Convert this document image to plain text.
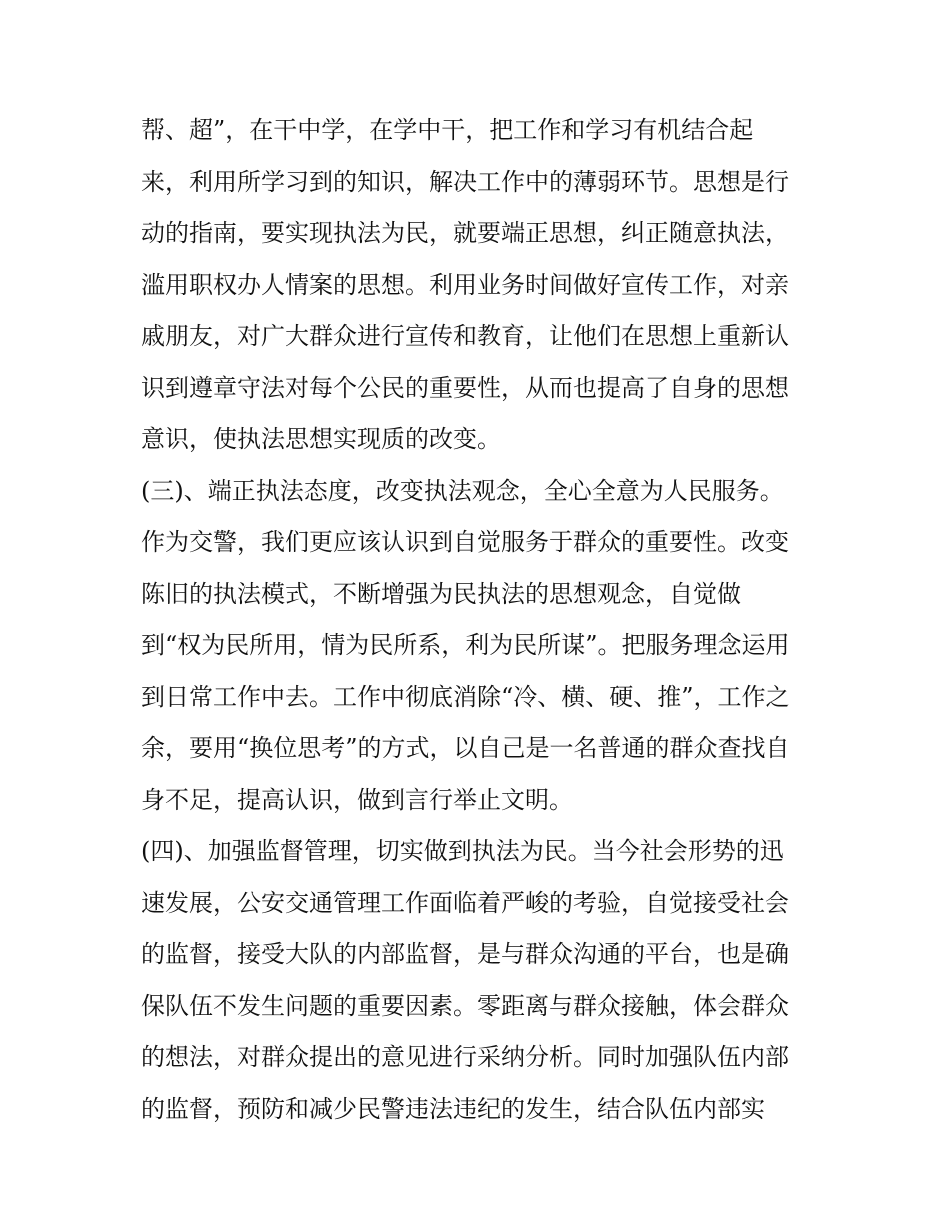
帮、超”，在干中学，在学中干，把工作和学习有机结合起
来，利用所学习到的知识，解决工作中的薄弱环节。思想是行
动的指南，要实现执法为民，就要端正思想，纠正随意执法，
滥用职权办人情案的思想。利用业务时间做好宣传工作，对亲
戚朋友，对广大群众进行宣传和教育，让他们在思想上重新认
识到遵章守法对每个公民的重要性，从而也提高了自身的思想
意识，使执法思想实现质的改变。
(三)、端正执法态度，改变执法观念，全心全意为人民服务。
作为交警，我们更应该认识到自觉服务于群众的重要性。改变
陈旧的执法模式，不断增强为民执法的思想观念，自觉做
到“权为民所用，情为民所系，利为民所谋”。把服务理念运用
到日常工作中去。工作中彻底消除“冷、横、硬、推”，工作之
余，要用“换位思考”的方式，以自己是一名普通的群众查找自
身不足，提高认识，做到言行举止文明。
(四)、加强监督管理，切实做到执法为民。当今社会形势的迅
速发展，公安交通管理工作面临着严峻的考验，自觉接受社会
的监督，接受大队的内部监督，是与群众沟通的平台，也是确
保队伍不发生问题的重要因素。零距离与群众接触，体会群众
的想法，对群众提出的意见进行采纳分析。同时加强队伍内部
的监督，预防和减少民警违法违纪的发生，结合队伍内部实
